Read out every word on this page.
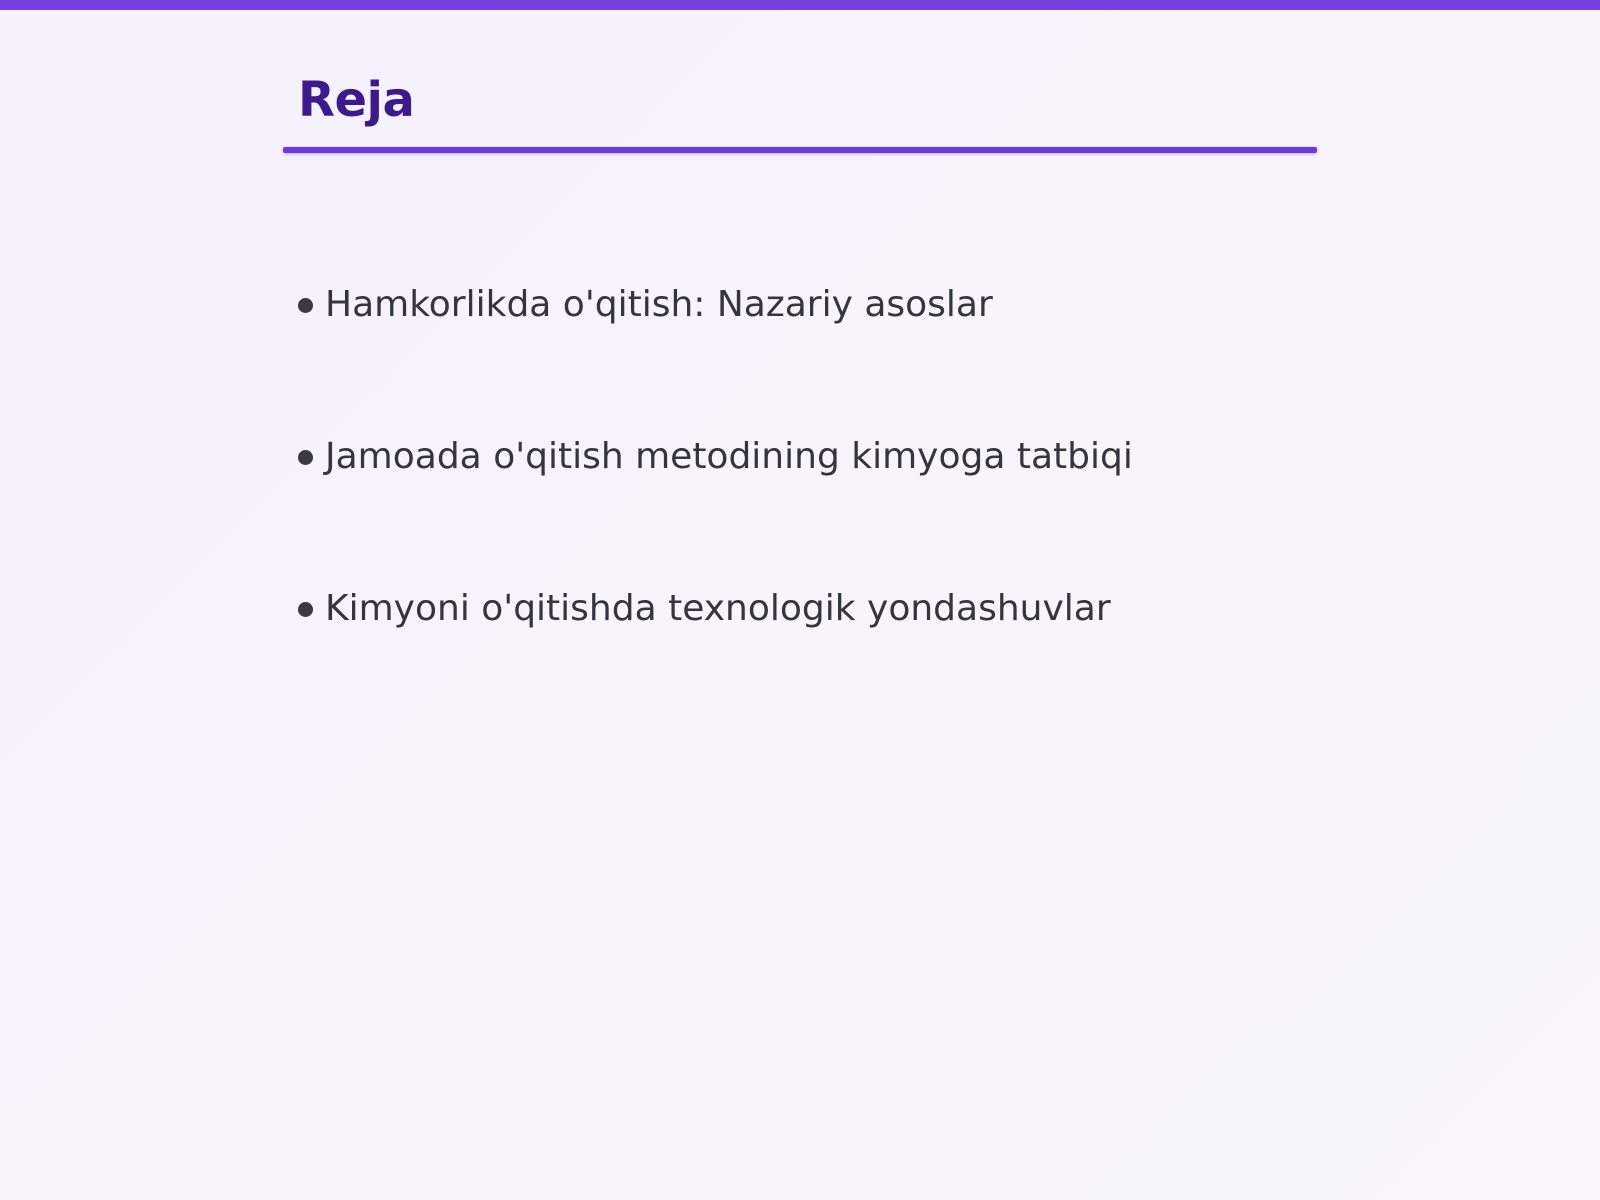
Reja
Hamkorlikda o'qitish: Nazariy asoslar
Jamoada o'qitish metodining kimyoga tatbiqi
Kimyoni o'qitishda texnologik yondashuvlar
